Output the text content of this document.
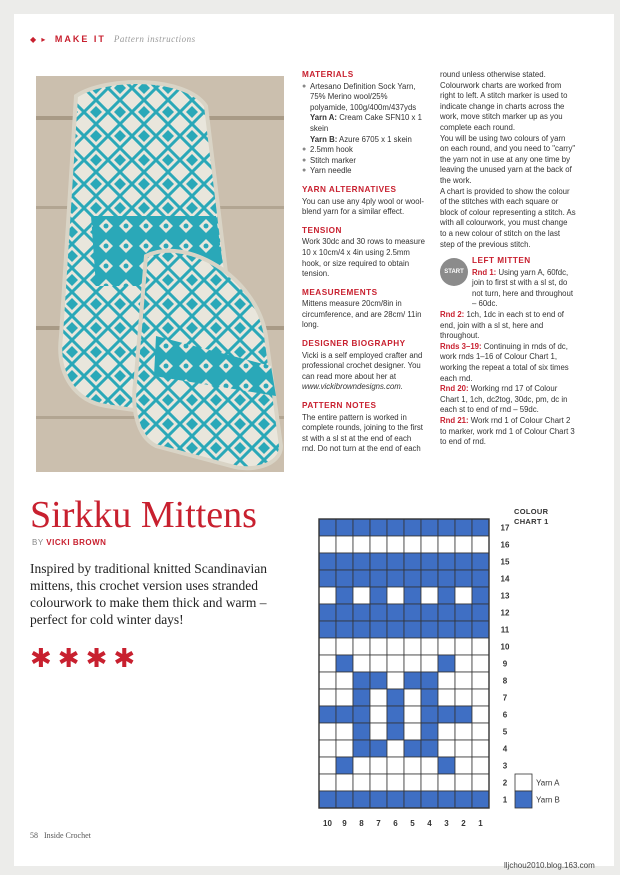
◆ ▸ MAKE IT Pattern instructions
Sirkku Mittens
BY VICKI BROWN
Inspired by traditional knitted Scandinavian mittens, this crochet version uses stranded colourwork to make them thick and warm – perfect for cold winter days!
✱ ✱ ✱ ✱
MATERIALS
● Artesano Definition Sock Yarn, 75% Merino wool/25% polyamide, 100g/400m/437yds
Yarn A: Cream Cake SFN10 x 1 skein
Yarn B: Azure 6705 x 1 skein
● 2.5mm hook
● Stitch marker
● Yarn needle
YARN ALTERNATIVES
You can use any 4ply wool or wool-blend yarn for a similar effect.
TENSION
Work 30dc and 30 rows to measure 10 x 10cm/4 x 4in using 2.5mm hook, or size required to obtain tension.
MEASUREMENTS
Mittens measure 20cm/8in in circumference, and are 28cm/ 11in long.
DESIGNER BIOGRAPHY
Vicki is a self employed crafter and professional crochet designer. You can read more about her at www.vickibrowndesigns.com.
PATTERN NOTES
The entire pattern is worked in complete rounds, joining to the first st with a sl st at the end of each rnd. Do not turn at the end of each
round unless otherwise stated. Colourwork charts are worked from right to left. A stitch marker is used to indicate change in charts across the work, move stitch marker up as you complete each round.
You will be using two colours of yarn on each round, and you need to "carry" the yarn not in use at any one time by leaving the unused yarn at the back of the work.
A chart is provided to show the colour of the stitches with each square or block of colour representing a stitch. As with all colourwork, you must change to a new colour of stitch on the last step of the previous stitch.
START
LEFT MITTEN

Rnd 1: Using yarn A, 60fdc, join to first st with a sl st, do not turn, here and throughout – 60dc.

Rnd 2: 1ch, 1dc in each st to end of end, join with a sl st, here and throughout.

Rnds 3–19: Continuing in rnds of dc, work rnds 1–16 of Colour Chart 1, working the repeat a total of six times each rnd.

Rnd 20: Working rnd 17 of Colour Chart 1, 1ch, dc2tog, 30dc, pm, dc in each st to end of rnd – 59dc.

Rnd 21: Work rnd 1 of Colour Chart 2 to marker, work rnd 1 of Colour Chart 3 to end of rnd.

COLOUR
CHART 1
17
16
15
14
13
12
11
10
9
8
7
6
5
4
3
2
1
10 9 8 7 6 5 4 3 2 1
Yarn A
Yarn B
58 Inside Crochet
lljchou2010.blog.163.com
